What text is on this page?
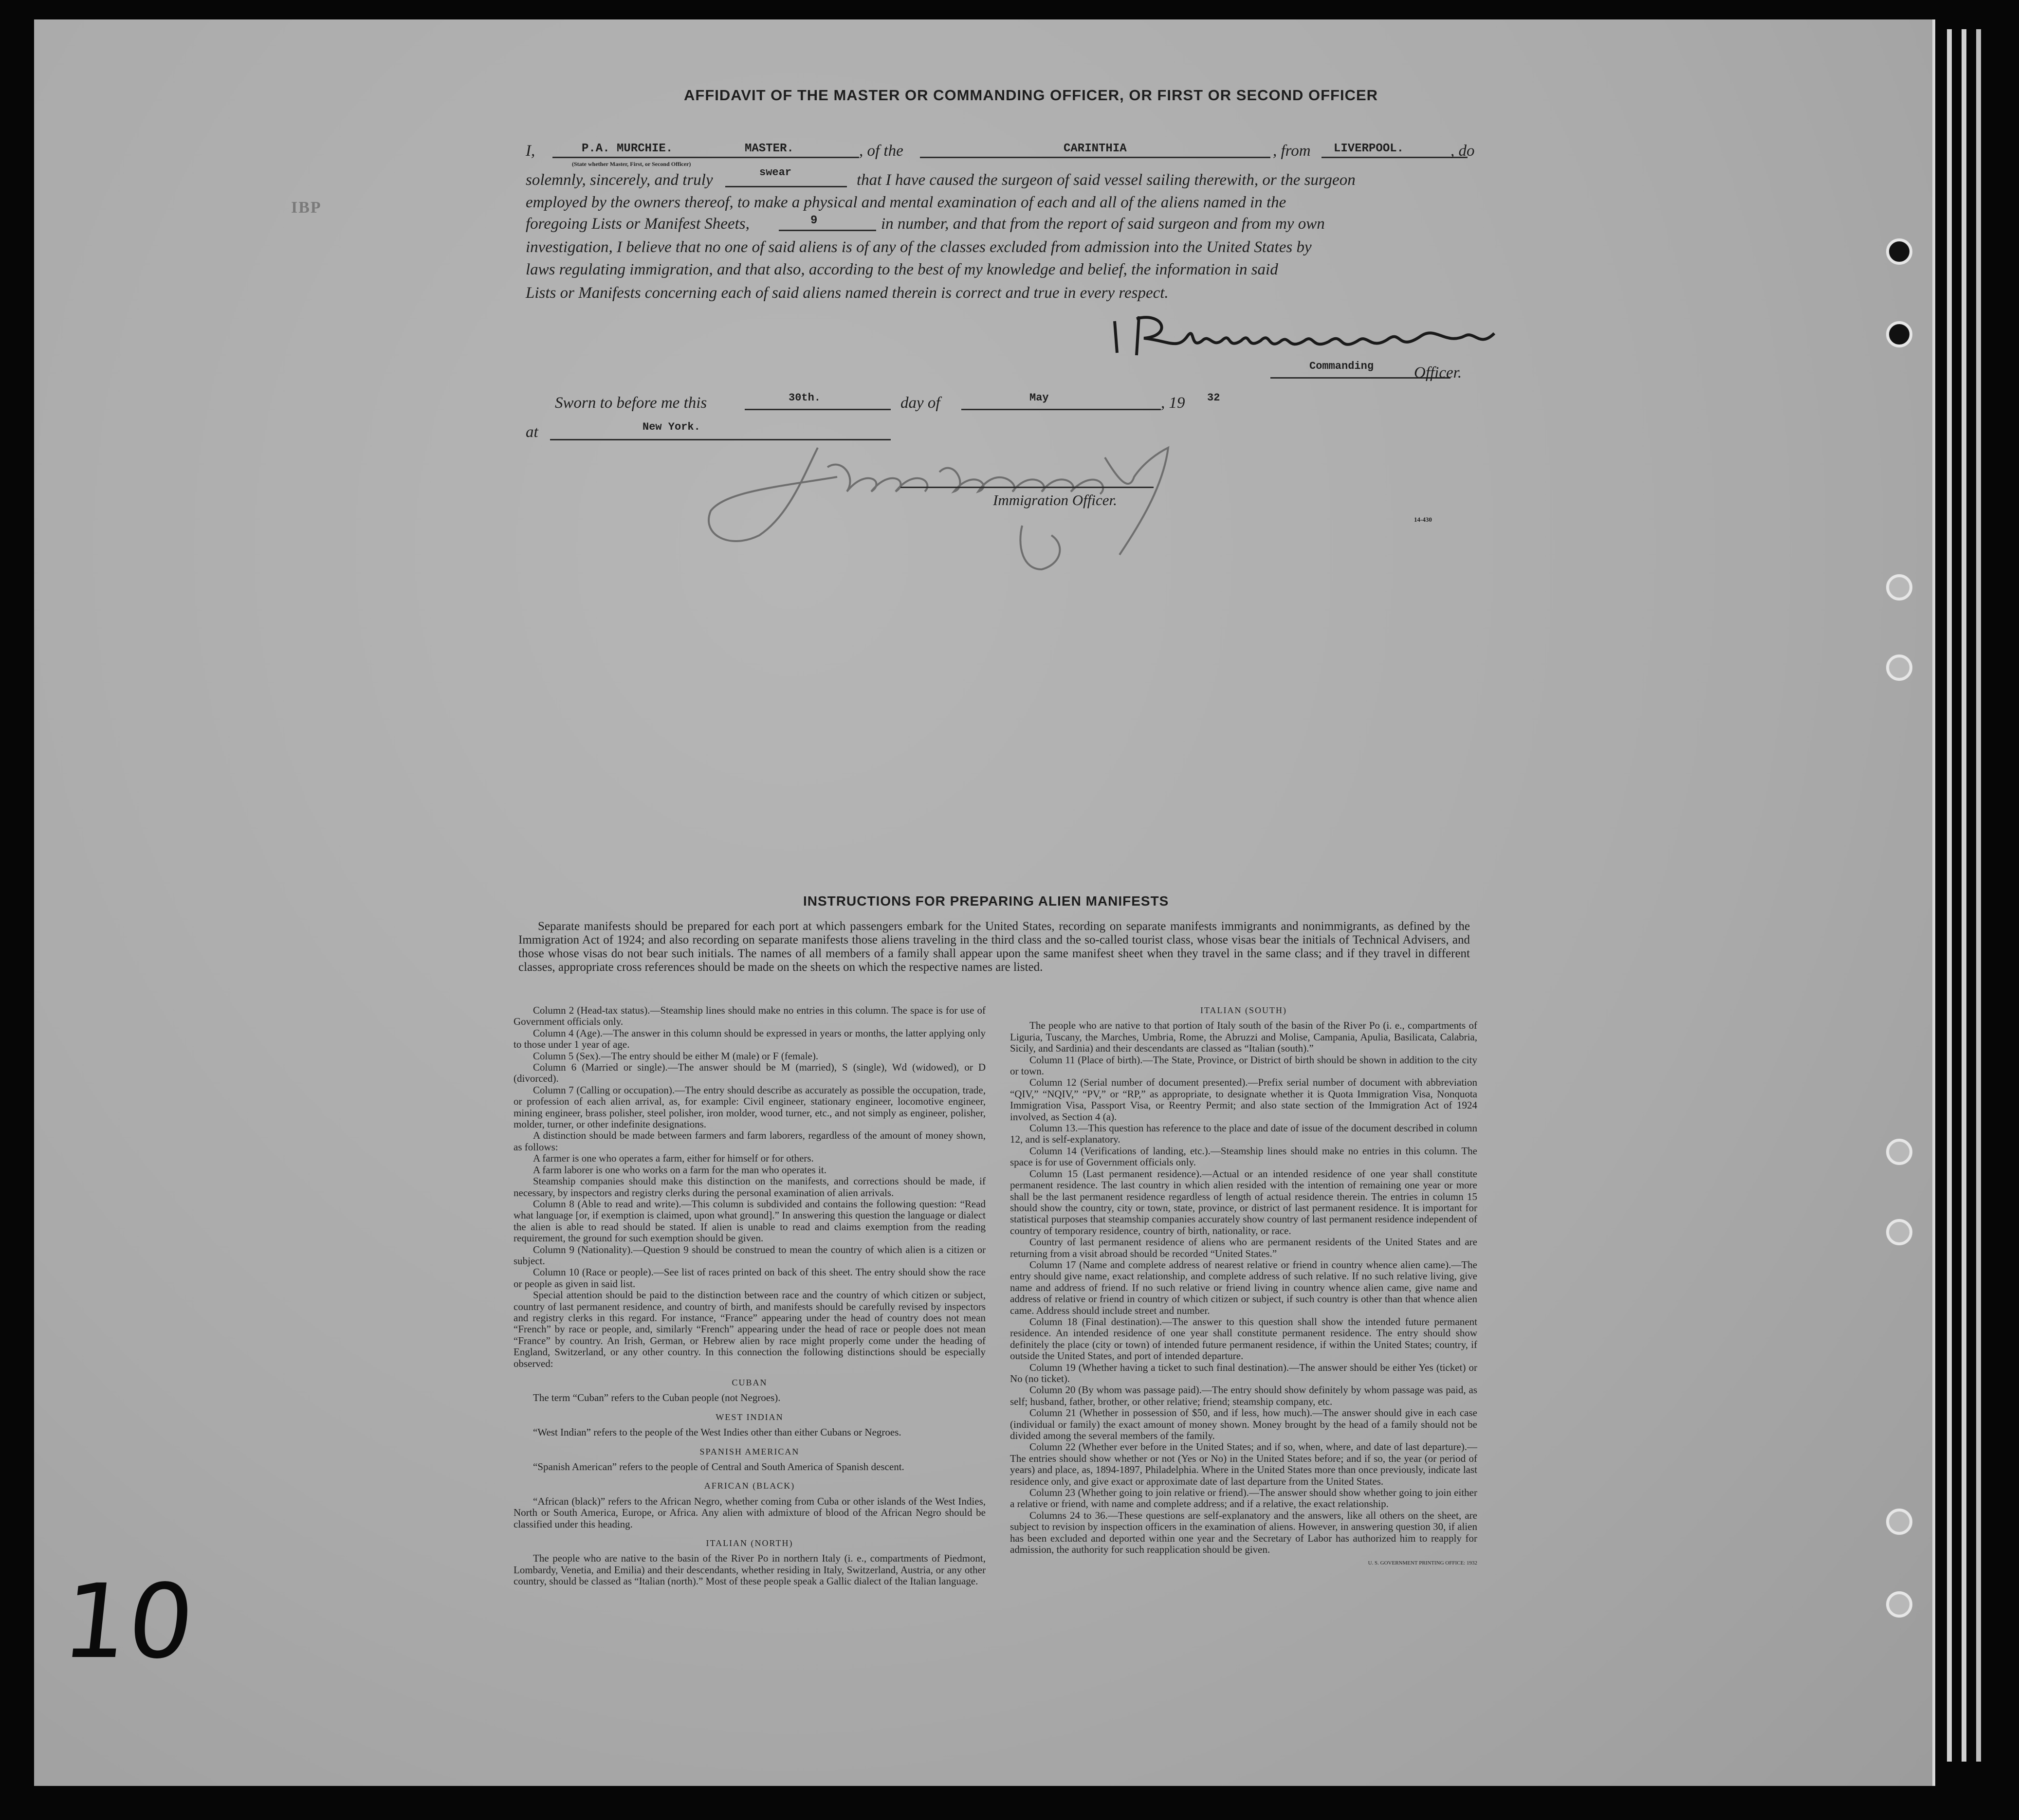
AFFIDAVIT OF THE MASTER OR COMMANDING OFFICER, OR FIRST OR SECOND OFFICER
I,	P.A. MURCHIE.	MASTER.
(State whether Master, First, or Second Officer)
, of the	CARINTHIA	, from LIVERPOOL.	, do
solemnly, sincerely, and truly	swear	that I have caused the surgeon of said vessel sailing therewith, or the surgeon
employed by the owners thereof, to make a physical and mental examination of each and all of the aliens named in the
foregoing Lists or Manifest Sheets,	9	in number, and that from the report of said surgeon and from my own
investigation, I believe that no one of said aliens is of any of the classes excluded from admission into the United States by
laws regulating immigration, and that also, according to the best of my knowledge and belief, the information in said
Lists or Manifests concerning each of said aliens named therein is correct and true in every respect.
Commanding	Officer.
Sworn to before me this	30th.	day of	May	, 19 32
at	New York.
Immigration Officer.
14-430
IBP
INSTRUCTIONS FOR PREPARING ALIEN MANIFESTS
Separate manifests should be prepared for each port at which passengers embark for the United States, recording on separate manifests immigrants and nonimmigrants, as defined by the Immigration Act of 1924; and also recording on separate manifests those aliens traveling in the third class and the so-called tourist class, whose visas bear the initials of Technical Advisers, and those whose visas do not bear such initials. The names of all members of a family shall appear upon the same manifest sheet when they travel in the same class; and if they travel in different classes, appropriate cross references should be made on the sheets on which the respective names are listed.

Column 2 (Head-tax status).—Steamship lines should make no entries in this column. The space is for use of Government officials only.

Column 4 (Age).—The answer in this column should be expressed in years or months, the latter applying only to those under 1 year of age.

Column 5 (Sex).—The entry should be either M (male) or F (female).

Column 6 (Married or single).—The answer should be M (married), S (single), Wd (widowed), or D (divorced).

Column 7 (Calling or occupation).—The entry should describe as accurately as possible the occupation, trade, or profession of each alien arrival, as, for example: Civil engineer, stationary engineer, locomotive engineer, mining engineer, brass polisher, steel polisher, iron molder, wood turner, etc., and not simply as engineer, polisher, molder, turner, or other indefinite designations.

A distinction should be made between farmers and farm laborers, regardless of the amount of money shown, as follows:

A farmer is one who operates a farm, either for himself or for others.

A farm laborer is one who works on a farm for the man who operates it.

Steamship companies should make this distinction on the manifests, and corrections should be made, if necessary, by inspectors and registry clerks during the personal examination of alien arrivals.

Column 8 (Able to read and write).—This column is subdivided and contains the following question: “Read what language [or, if exemption is claimed, upon what ground].” In answering this question the language or dialect the alien is able to read should be stated. If alien is unable to read and claims exemption from the reading requirement, the ground for such exemption should be given.

Column 9 (Nationality).—Question 9 should be construed to mean the country of which alien is a citizen or subject.

Column 10 (Race or people).—See list of races printed on back of this sheet. The entry should show the race or people as given in said list.

Special attention should be paid to the distinction between race and the country of which citizen or subject, country of last permanent residence, and country of birth, and manifests should be carefully revised by inspectors and registry clerks in this regard. For instance, “France” appearing under the head of country does not mean “French” by race or people, and, similarly “French” appearing under the head of race or people does not mean “France” by country. An Irish, German, or Hebrew alien by race might properly come under the heading of England, Switzerland, or any other country. In this connection the following distinctions should be especially observed:

CUBAN

The term “Cuban” refers to the Cuban people (not Negroes).

WEST INDIAN

“West Indian” refers to the people of the West Indies other than either Cubans or Negroes.

SPANISH AMERICAN

“Spanish American” refers to the people of Central and South America of Spanish descent.

AFRICAN (BLACK)

“African (black)” refers to the African Negro, whether coming from Cuba or other islands of the West Indies, North or South America, Europe, or Africa. Any alien with admixture of blood of the African Negro should be classified under this heading.

ITALIAN (NORTH)

The people who are native to the basin of the River Po in northern Italy (i. e., compartments of Piedmont, Lombardy, Venetia, and Emilia) and their descendants, whether residing in Italy, Switzerland, Austria, or any other country, should be classed as “Italian (north).” Most of these people speak a Gallic dialect of the Italian language.

ITALIAN (SOUTH)

The people who are native to that portion of Italy south of the basin of the River Po (i. e., compartments of Liguria, Tuscany, the Marches, Umbria, Rome, the Abruzzi and Molise, Campania, Apulia, Basilicata, Calabria, Sicily, and Sardinia) and their descendants are classed as “Italian (south).”

Column 11 (Place of birth).—The State, Province, or District of birth should be shown in addition to the city or town.

Column 12 (Serial number of document presented).—Prefix serial number of document with abbreviation “QIV,” “NQIV,” “PV,” or “RP,” as appropriate, to designate whether it is Quota Immigration Visa, Nonquota Immigration Visa, Passport Visa, or Reentry Permit; and also state section of the Immigration Act of 1924 involved, as Section 4 (a).

Column 13.—This question has reference to the place and date of issue of the document described in column 12, and is self-explanatory.

Column 14 (Verifications of landing, etc.).—Steamship lines should make no entries in this column. The space is for use of Government officials only.

Column 15 (Last permanent residence).—Actual or an intended residence of one year shall constitute permanent residence. The last country in which alien resided with the intention of remaining one year or more shall be the last permanent residence regardless of length of actual residence therein. The entries in column 15 should show the country, city or town, state, province, or district of last permanent residence. It is important for statistical purposes that steamship companies accurately show country of last permanent residence independent of country of temporary residence, country of birth, nationality, or race.

Country of last permanent residence of aliens who are permanent residents of the United States and are returning from a visit abroad should be recorded “United States.”

Column 17 (Name and complete address of nearest relative or friend in country whence alien came).—The entry should give name, exact relationship, and complete address of such relative. If no such relative living, give name and address of friend. If no such relative or friend living in country whence alien came, give name and address of relative or friend in country of which citizen or subject, if such country is other than that whence alien came. Address should include street and number.

Column 18 (Final destination).—The answer to this question shall show the intended future permanent residence. An intended residence of one year shall constitute permanent residence. The entry should show definitely the place (city or town) of intended future permanent residence, if within the United States; country, if outside the United States, and port of intended departure.

Column 19 (Whether having a ticket to such final destination).—The answer should be either Yes (ticket) or No (no ticket).

Column 20 (By whom was passage paid).—The entry should show definitely by whom passage was paid, as self; husband, father, brother, or other relative; friend; steamship company, etc.

Column 21 (Whether in possession of $50, and if less, how much).—The answer should give in each case (individual or family) the exact amount of money shown. Money brought by the head of a family should not be divided among the several members of the family.

Column 22 (Whether ever before in the United States; and if so, when, where, and date of last departure).—The entries should show whether or not (Yes or No) in the United States before; and if so, the year (or period of years) and place, as, 1894-1897, Philadelphia. Where in the United States more than once previously, indicate last residence only, and give exact or approximate date of last departure from the United States.

Column 23 (Whether going to join relative or friend).—The answer should show whether going to join either a relative or friend, with name and complete address; and if a relative, the exact relationship.

Columns 24 to 36.—These questions are self-explanatory and the answers, like all others on the sheet, are subject to revision by inspection officers in the examination of aliens. However, in answering question 30, if alien has been excluded and deported within one year and the Secretary of Labor has authorized him to reapply for admission, the authority for such reapplication should be given.

U. S. GOVERNMENT PRINTING OFFICE: 1932

10
